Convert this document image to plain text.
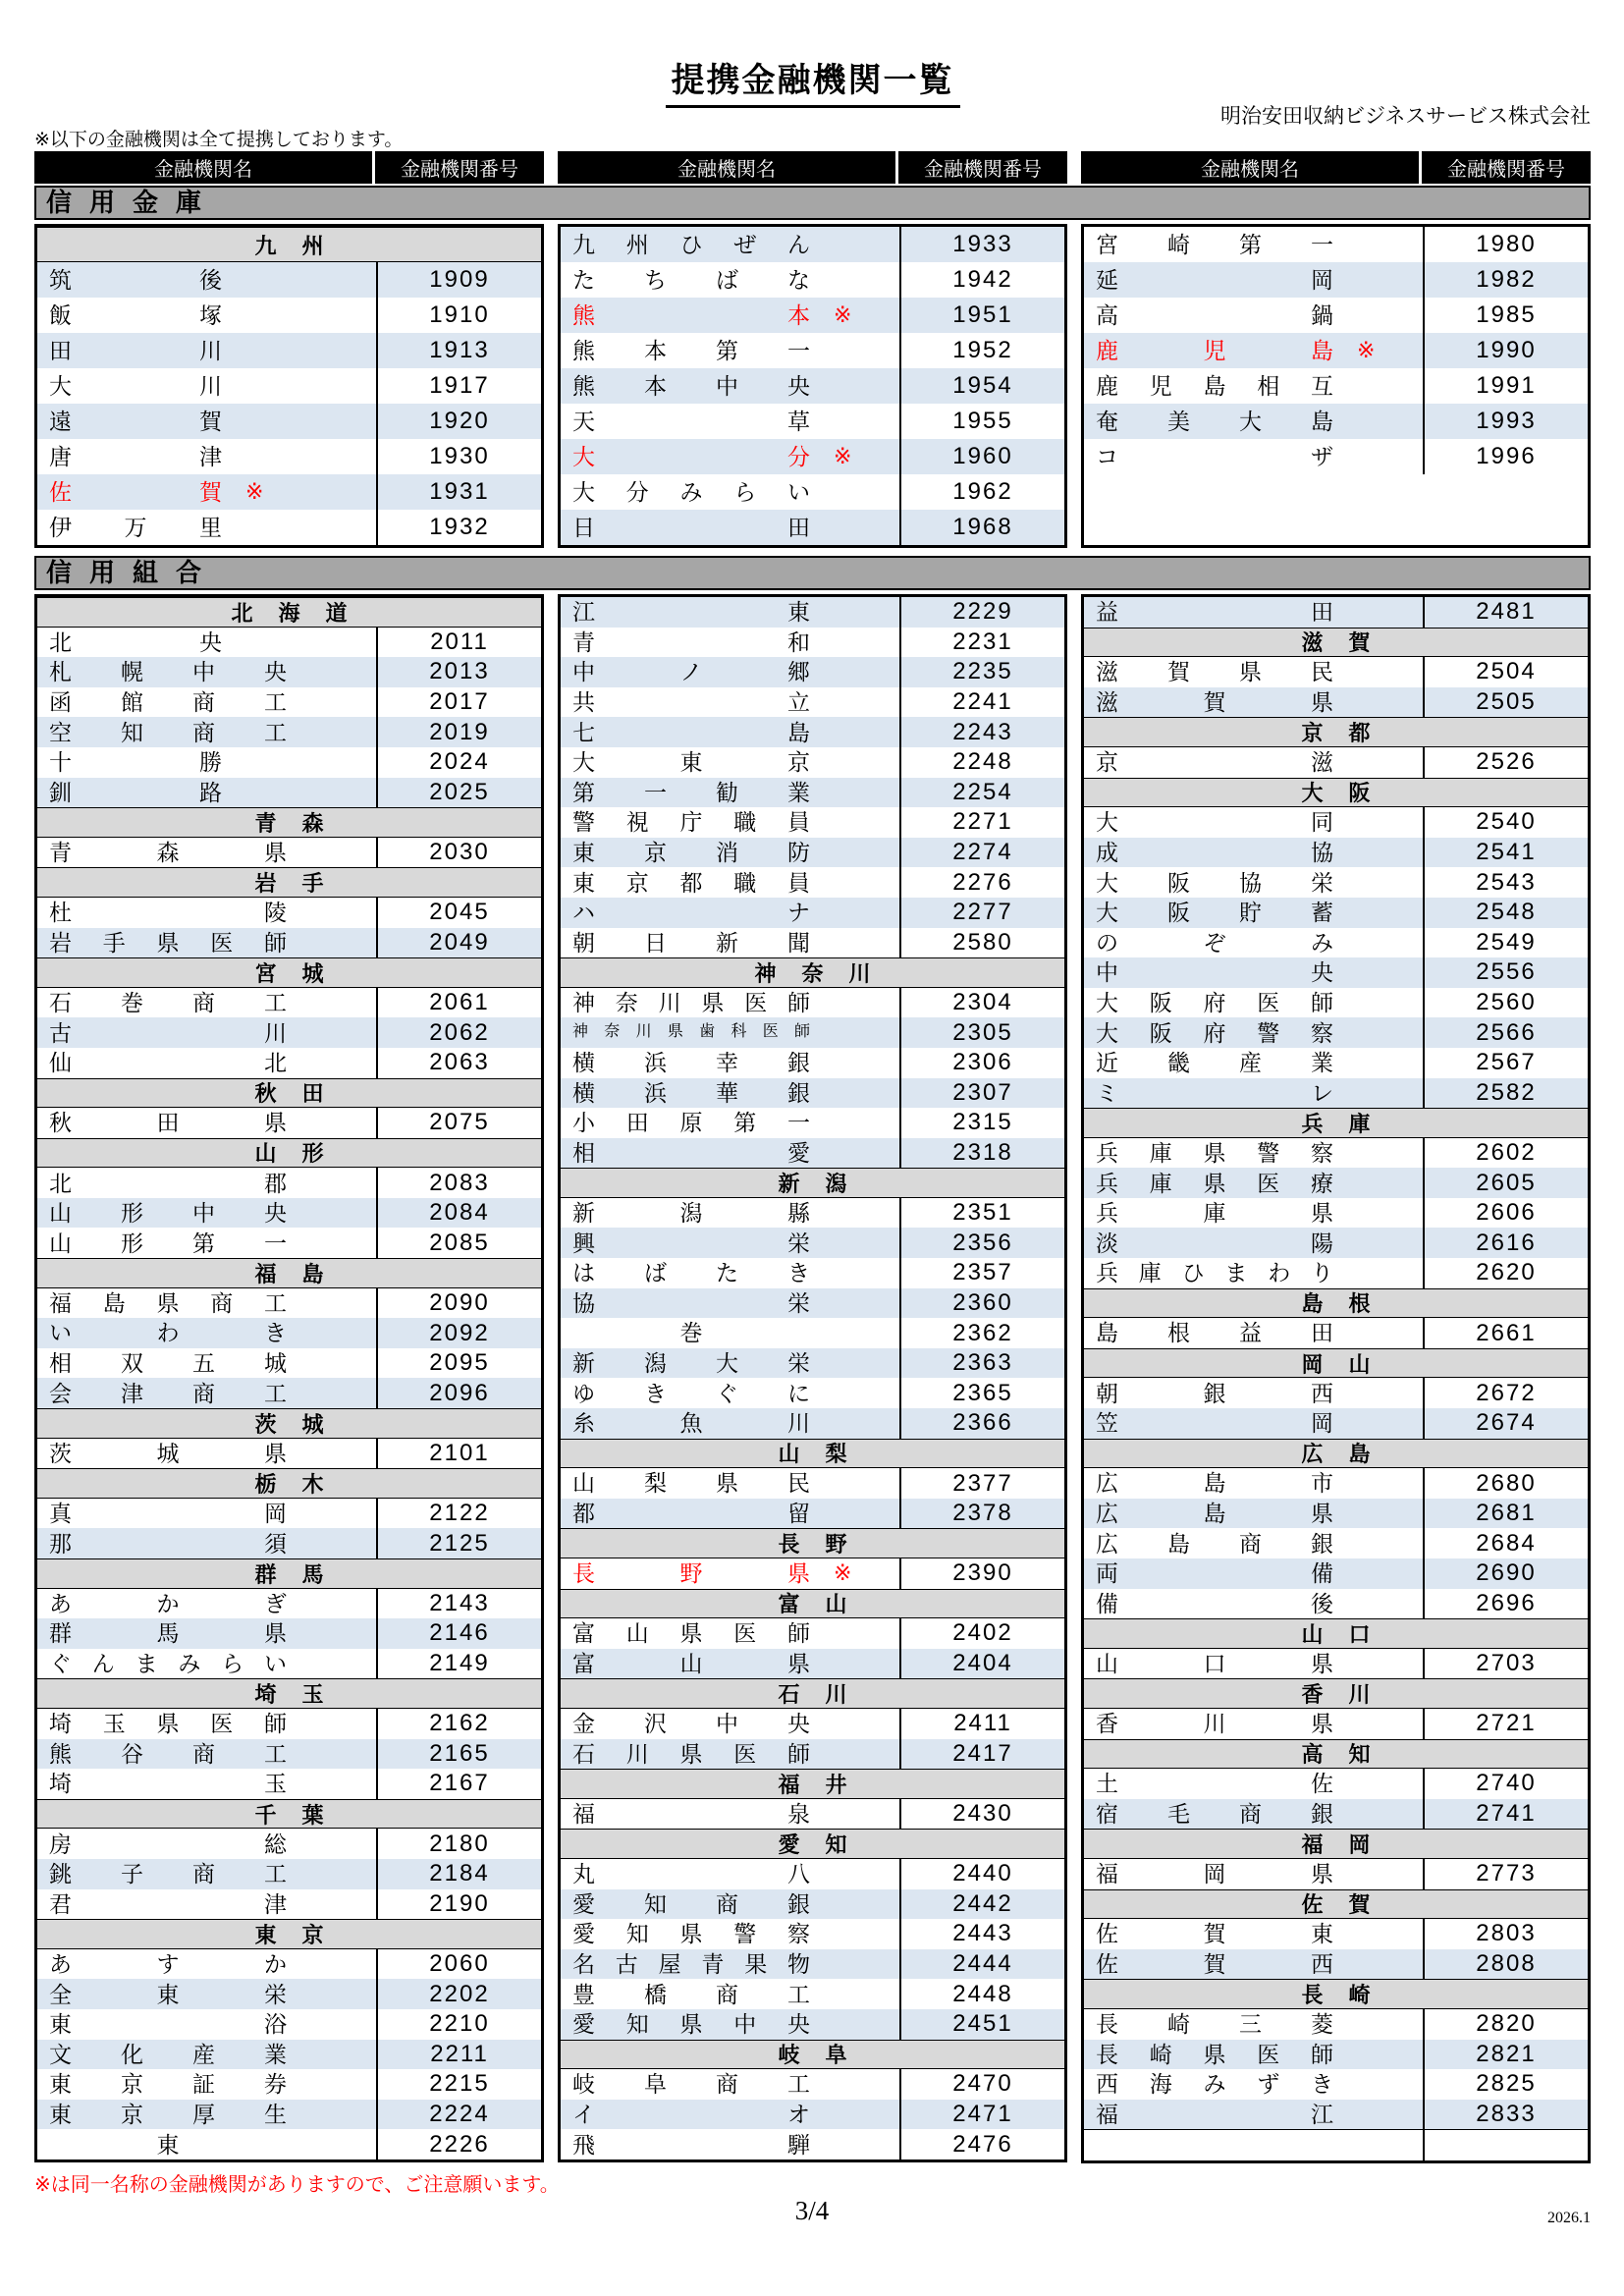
提携金融機関一覧
明治安田収納ビジネスサービス株式会社
※以下の金融機関は全て提携しております。
金融機関名	金融機関番号	金融機関名	金融機関番号	金融機関名	金融機関番号
信用金庫
九州
筑後	1909
飯塚	1910
田川	1913
大川	1917
遠賀	1920
唐津	1930
佐賀 ※	1931
伊万里	1932
九州ひぜん	1933
たちばな	1942
熊本 ※	1951
熊本第一	1952
熊本中央	1954
天草	1955
大分 ※	1960
大分みらい	1962
日田	1968
宮崎第一	1980
延岡	1982
高鍋	1985
鹿児島 ※	1990
鹿児島相互	1991
奄美大島	1993
コザ	1996
信用組合
北海道
北央	2011
札幌中央	2013
函館商工	2017
空知商工	2019
十勝	2024
釧路	2025
青森
青森県	2030
岩手
杜陵	2045
岩手県医師	2049
宮城
石巻商工	2061
古川	2062
仙北	2063
秋田
秋田県	2075
山形
北郡	2083
山形中央	2084
山形第一	2085
福島
福島県商工	2090
いわき	2092
相双五城	2095
会津商工	2096
茨城
茨城県	2101
栃木
真岡	2122
那須	2125
群馬
あかぎ	2143
群馬県	2146
ぐんまみらい	2149
埼玉
埼玉県医師	2162
熊谷商工	2165
埼玉	2167
千葉
房総	2180
銚子商工	2184
君津	2190
東京
あすか	2060
全東栄	2202
東浴	2210
文化産業	2211
東京証券	2215
東京厚生	2224
東	2226
江東	2229
青和	2231
中ノ郷	2235
共立	2241
七島	2243
大東京	2248
第一勧業	2254
警視庁職員	2271
東京消防	2274
東京都職員	2276
ハナ	2277
朝日新聞	2580
神奈川
神奈川県医師	2304
神奈川県歯科医師	2305
横浜幸銀	2306
横浜華銀	2307
小田原第一	2315
相愛	2318
新潟
新潟縣	2351
興栄	2356
はばたき	2357
協栄	2360
巻	2362
新潟大栄	2363
ゆきぐに	2365
糸魚川	2366
山梨
山梨県民	2377
都留	2378
長野
長野県 ※	2390
富山
富山県医師	2402
富山県	2404
石川
金沢中央	2411
石川県医師	2417
福井
福泉	2430
愛知
丸八	2440
愛知商銀	2442
愛知県警察	2443
名古屋青果物	2444
豊橋商工	2448
愛知県中央	2451
岐阜
岐阜商工	2470
イオ	2471
飛騨	2476
益田	2481
滋賀
滋賀県民	2504
滋賀県	2505
京都
京滋	2526
大阪
大同	2540
成協	2541
大阪協栄	2543
大阪貯蓄	2548
のぞみ	2549
中央	2556
大阪府医師	2560
大阪府警察	2566
近畿産業	2567
ミレ	2582
兵庫
兵庫県警察	2602
兵庫県医療	2605
兵庫県	2606
淡陽	2616
兵庫ひまわり	2620
島根
島根益田	2661
岡山
朝銀西	2672
笠岡	2674
広島
広島市	2680
広島県	2681
広島商銀	2684
両備	2690
備後	2696
山口
山口県	2703
香川
香川県	2721
高知
土佐	2740
宿毛商銀	2741
福岡
福岡県	2773
佐賀
佐賀東	2803
佐賀西	2808
長崎
長崎三菱	2820
長崎県医師	2821
西海みずき	2825
福江	2833
※は同一名称の金融機関がありますので、ご注意願います。
3/4	2026.1
